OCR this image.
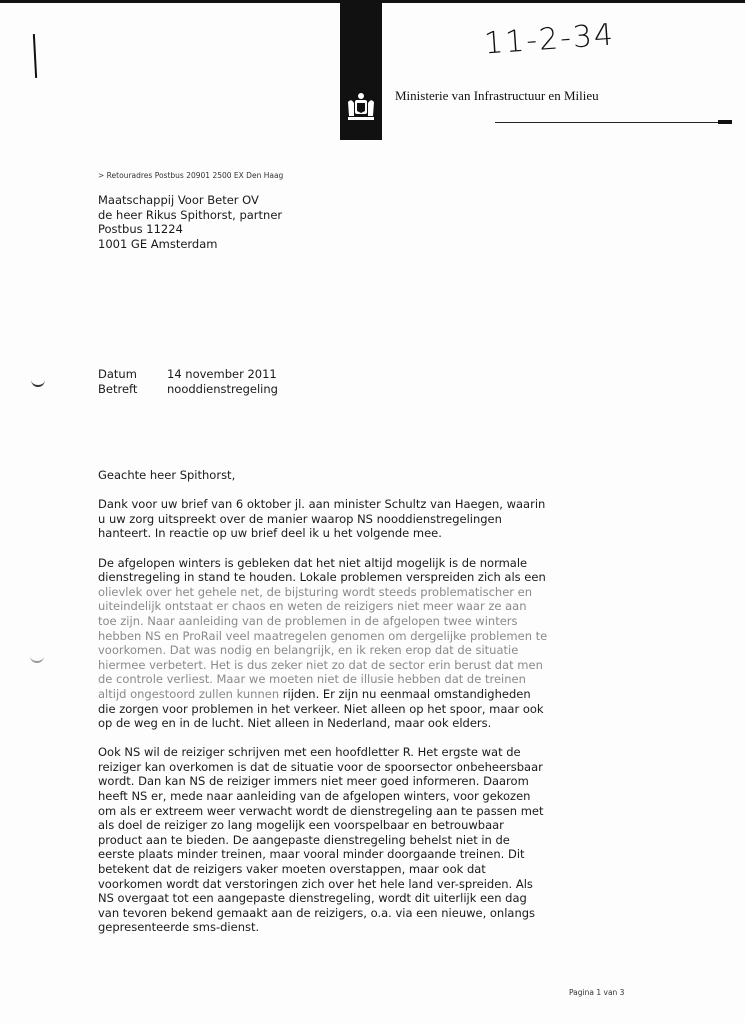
11-2-34
Ministerie van Infrastructuur en Milieu
> Retouradres Postbus 20901 2500 EX Den Haag
Maatschappij Voor Beter OV
de heer Rikus Spithorst, partner
Postbus 11224
1001 GE Amsterdam
Datum	14 november 2011
Betreft	nooddienstregeling

Geachte heer Spithorst,

Dank voor uw brief van 6 oktober jl. aan minister Schultz van Haegen, waarin u uw zorg uitspreekt over de manier waarop NS nooddienstregelingen hanteert. In reactie op uw brief deel ik u het volgende mee.

De afgelopen winters is gebleken dat het niet altijd mogelijk is de normale dienstregeling in stand te houden. Lokale problemen verspreiden zich als een olievlek over het gehele net, de bijsturing wordt steeds problematischer en uiteindelijk ontstaat er chaos en weten de reizigers niet meer waar ze aan toe zijn. Naar aanleiding van de problemen in de afgelopen twee winters hebben NS en ProRail veel maatregelen genomen om dergelijke problemen te voorkomen. Dat was nodig en belangrijk, en ik reken erop dat de situatie hiermee verbetert. Het is dus zeker niet zo dat de sector erin berust dat men de controle verliest. Maar we moeten niet de illusie hebben dat de treinen altijd ongestoord zullen kunnen rijden. Er zijn nu eenmaal omstandigheden die zorgen voor problemen in het verkeer. Niet alleen op het spoor, maar ook op de weg en in de lucht. Niet alleen in Nederland, maar ook elders.

Ook NS wil de reiziger schrijven met een hoofdletter R. Het ergste wat de reiziger kan overkomen is dat de situatie voor de spoorsector onbeheersbaar wordt. Dan kan NS de reiziger immers niet meer goed informeren. Daarom heeft NS er, mede naar aanleiding van de afgelopen winters, voor gekozen om als er extreem weer verwacht wordt de dienstregeling aan te passen met als doel de reiziger zo lang mogelijk een voorspelbaar en betrouwbaar product aan te bieden. De aangepaste dienstregeling behelst niet in de eerste plaats minder treinen, maar vooral minder doorgaande treinen. Dit betekent dat de reizigers vaker moeten overstappen, maar ook dat voorkomen wordt dat verstoringen zich over het hele land ver-spreiden. Als NS overgaat tot een aangepaste dienstregeling, wordt dit uiterlijk een dag van tevoren bekend gemaakt aan de reizigers, o.a. via een nieuwe, onlangs gepresenteerde sms-dienst.

Pagina 1 van 3
